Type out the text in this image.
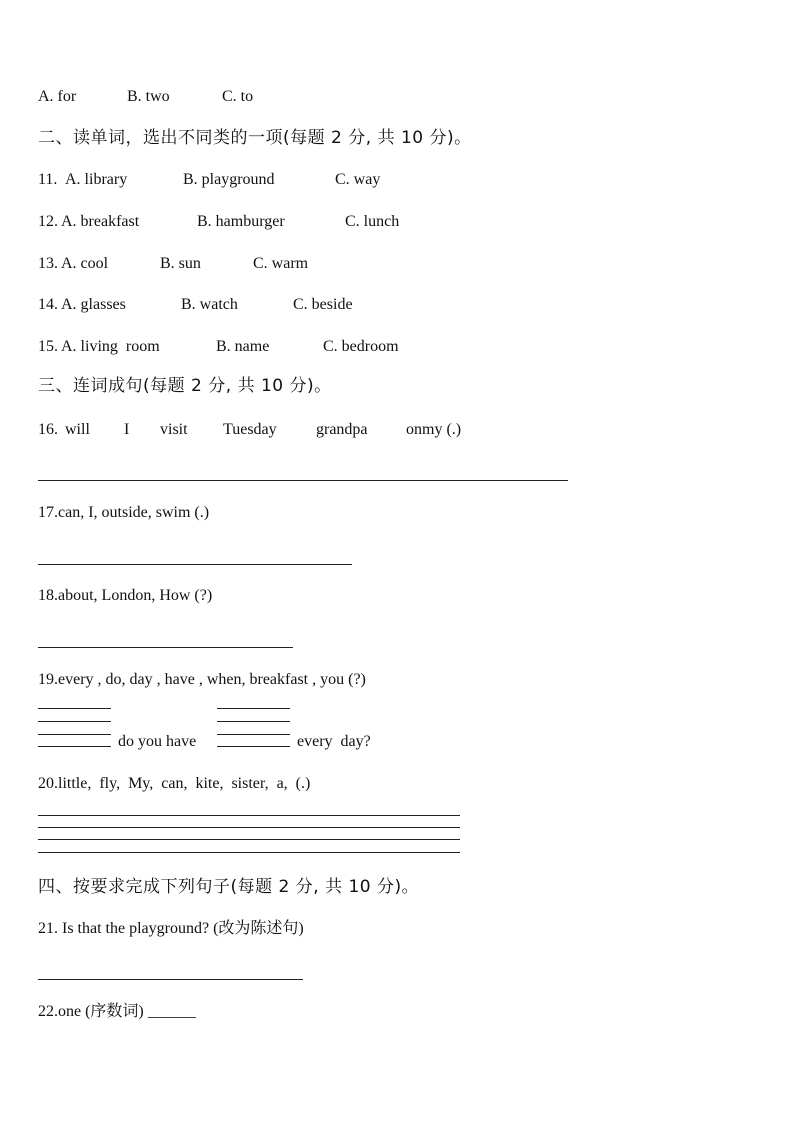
A. for	B. two	C. to
二、读单词，选出不同类的一项(每题 2 分, 共 10 分)。
11. A. library	B. playground	C. way
12. A. breakfast	B. hamburger	C. lunch
13. A. cool	B. sun	C. warm
14. A. glasses	B. watch	C. beside
15. A. living  room	B. name	C. bedroom
三、连词成句(每题 2 分, 共 10 分)。
16. will I visit Tuesday grandpa onmy (.)
17.can, I, outside, swim (.)
18.about, London, How (?)
19.every , do, day , have , when, breakfast , you (?)
do you have	every  day?
20.little,  fly,  My,  can,  kite,  sister,  a,  (.)
四、按要求完成下列句子(每题 2 分, 共 10 分)。
21. Is that the playground? (改为陈述句)
22.one (序数词) ______
